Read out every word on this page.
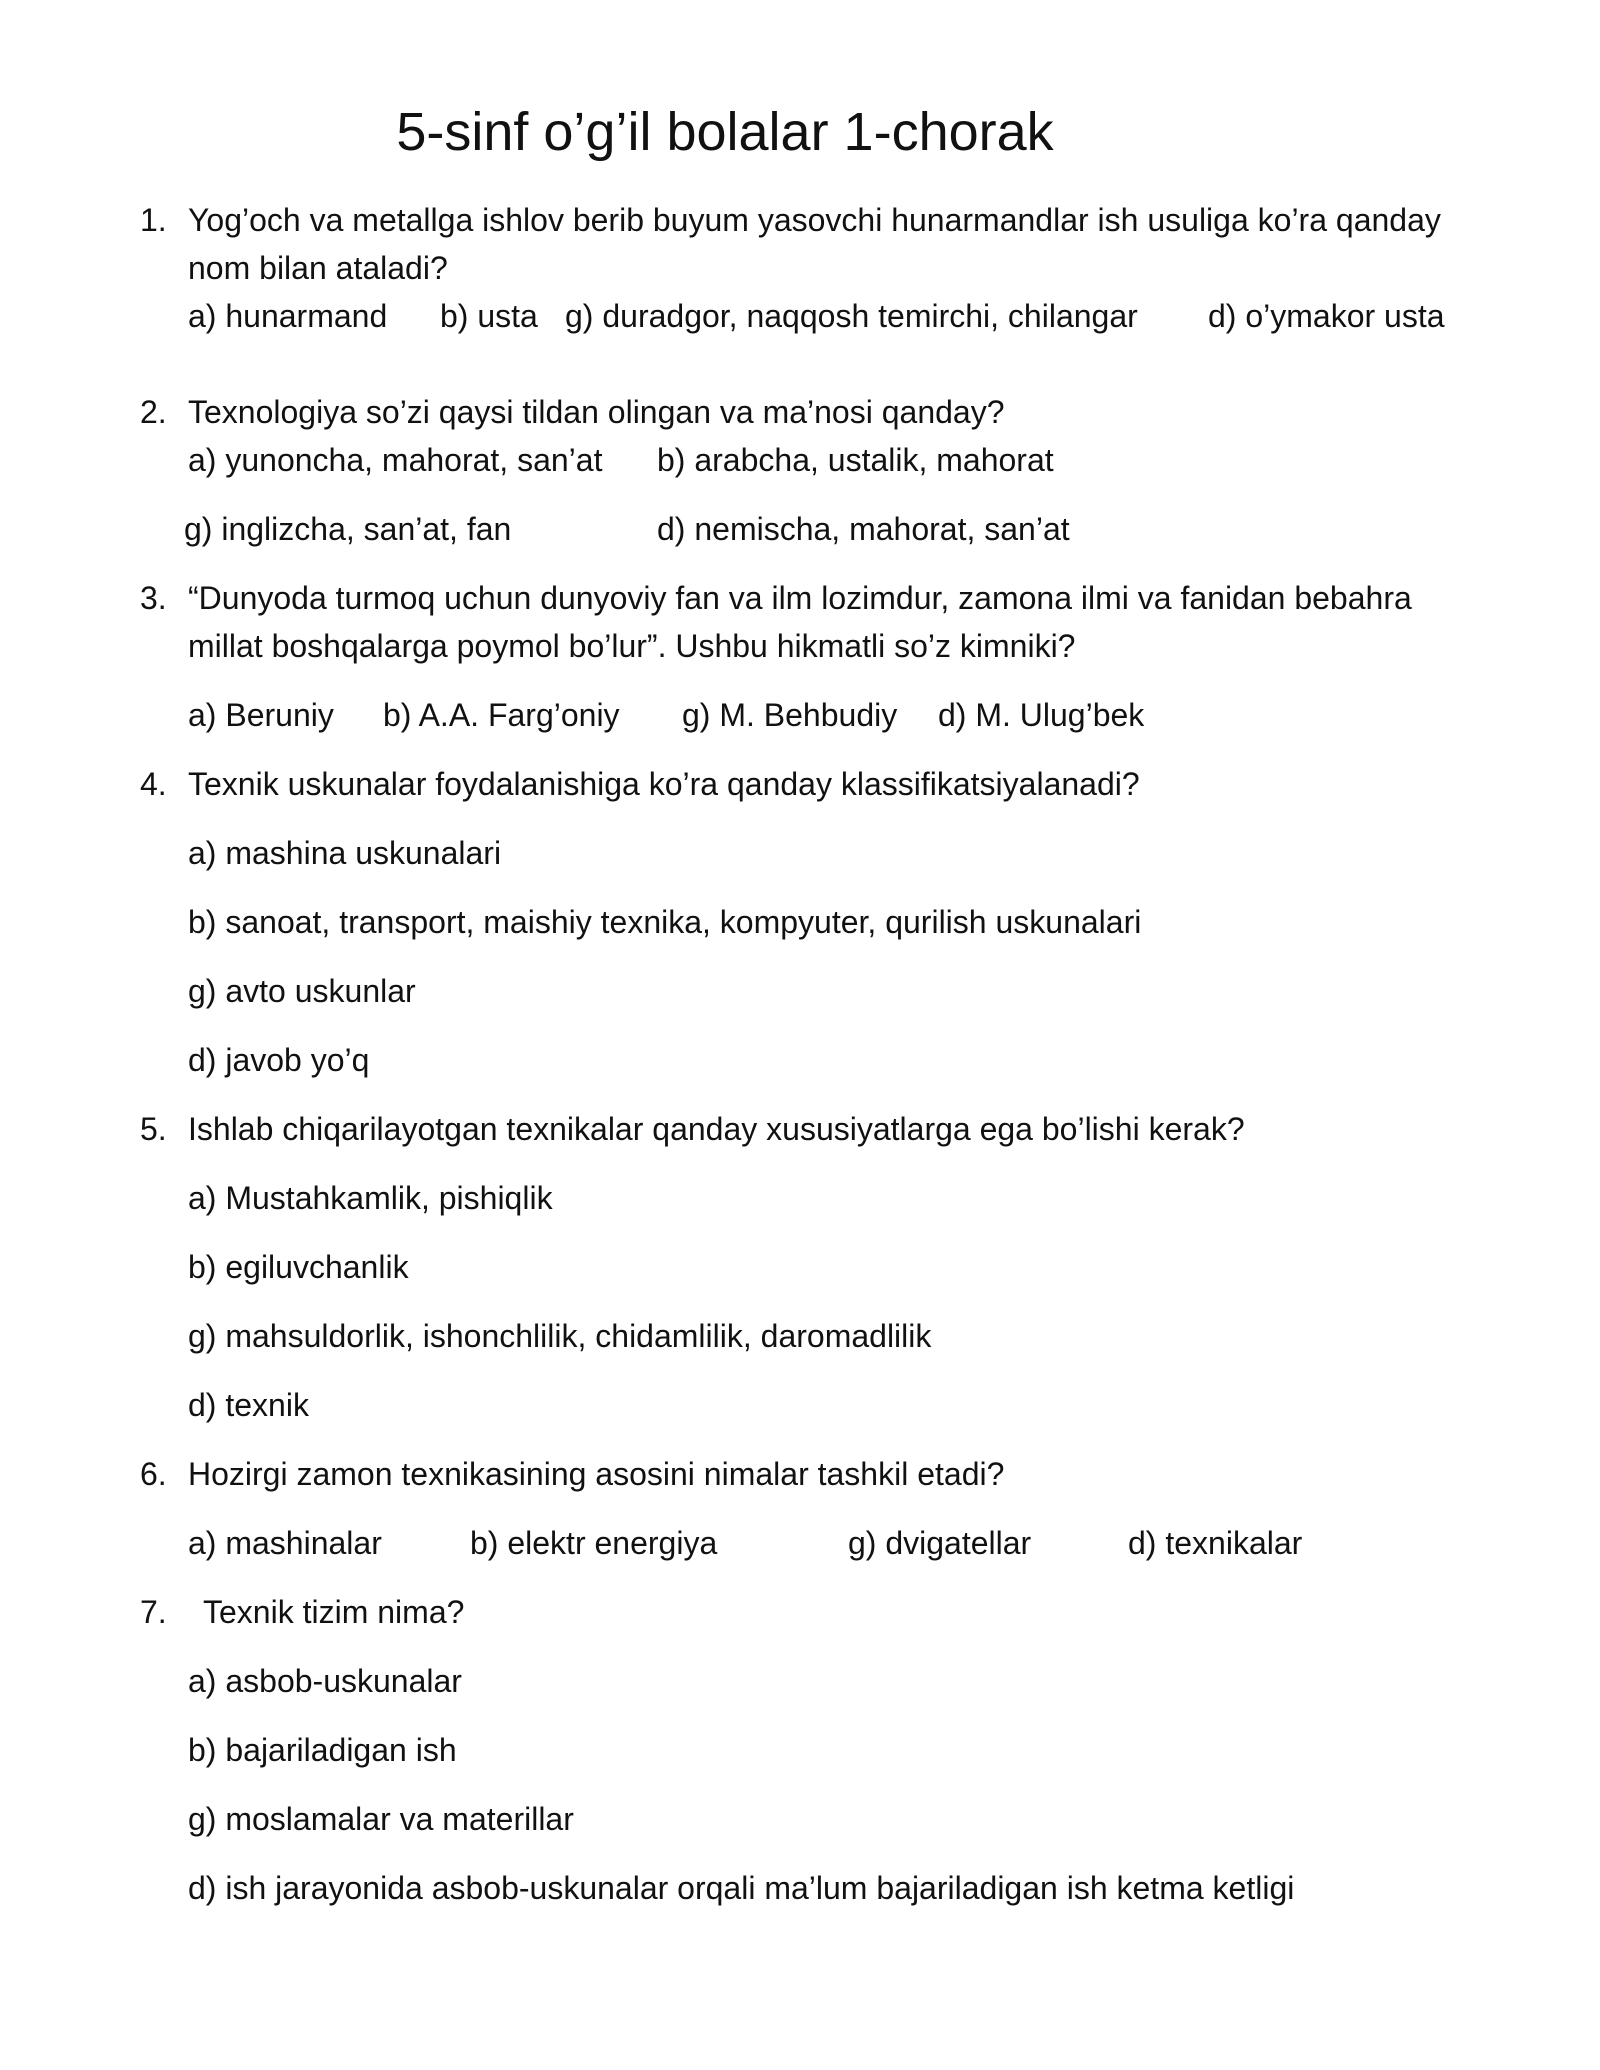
5-sinf o’g’il bolalar 1-chorak
1. Yog’och va metallga ishlov berib buyum yasovchi hunarmandlar ish usuliga ko’ra qanday
nom bilan ataladi?
a) hunarmand b) usta g) duradgor, naqqosh temirchi, chilangar d) o’ymakor usta
2. Texnologiya so’zi qaysi tildan olingan va ma’nosi qanday?
a) yunoncha, mahorat, san’at b) arabcha, ustalik, mahorat
g) inglizcha, san’at, fan	d) nemischa, mahorat, san’at
3. “Dunyoda turmoq uchun dunyoviy fan va ilm lozimdur, zamona ilmi va fanidan bebahra
millat boshqalarga poymol bo’lur”. Ushbu hikmatli so’z kimniki?
a) Beruniy b) A.A. Farg’oniy g) M. Behbudiy d) M. Ulug’bek
4. Texnik uskunalar foydalanishiga ko’ra qanday klassifikatsiyalanadi?
a) mashina uskunalari
b) sanoat, transport, maishiy texnika, kompyuter, qurilish uskunalari
g) avto uskunlar
d) javob yo’q
5. Ishlab chiqarilayotgan texnikalar qanday xususiyatlarga ega bo’lishi kerak?
a) Mustahkamlik, pishiqlik
b) egiluvchanlik
g) mahsuldorlik, ishonchlilik, chidamlilik, daromadlilik
d) texnik
6. Hozirgi zamon texnikasining asosini nimalar tashkil etadi?
a) mashinalar	b) elektr energiya	g) dvigatellar	d) texnikalar
7. Texnik tizim nima?
a) asbob-uskunalar
b) bajariladigan ish
g) moslamalar va materillar
d) ish jarayonida asbob-uskunalar orqali ma’lum bajariladigan ish ketma ketligi
